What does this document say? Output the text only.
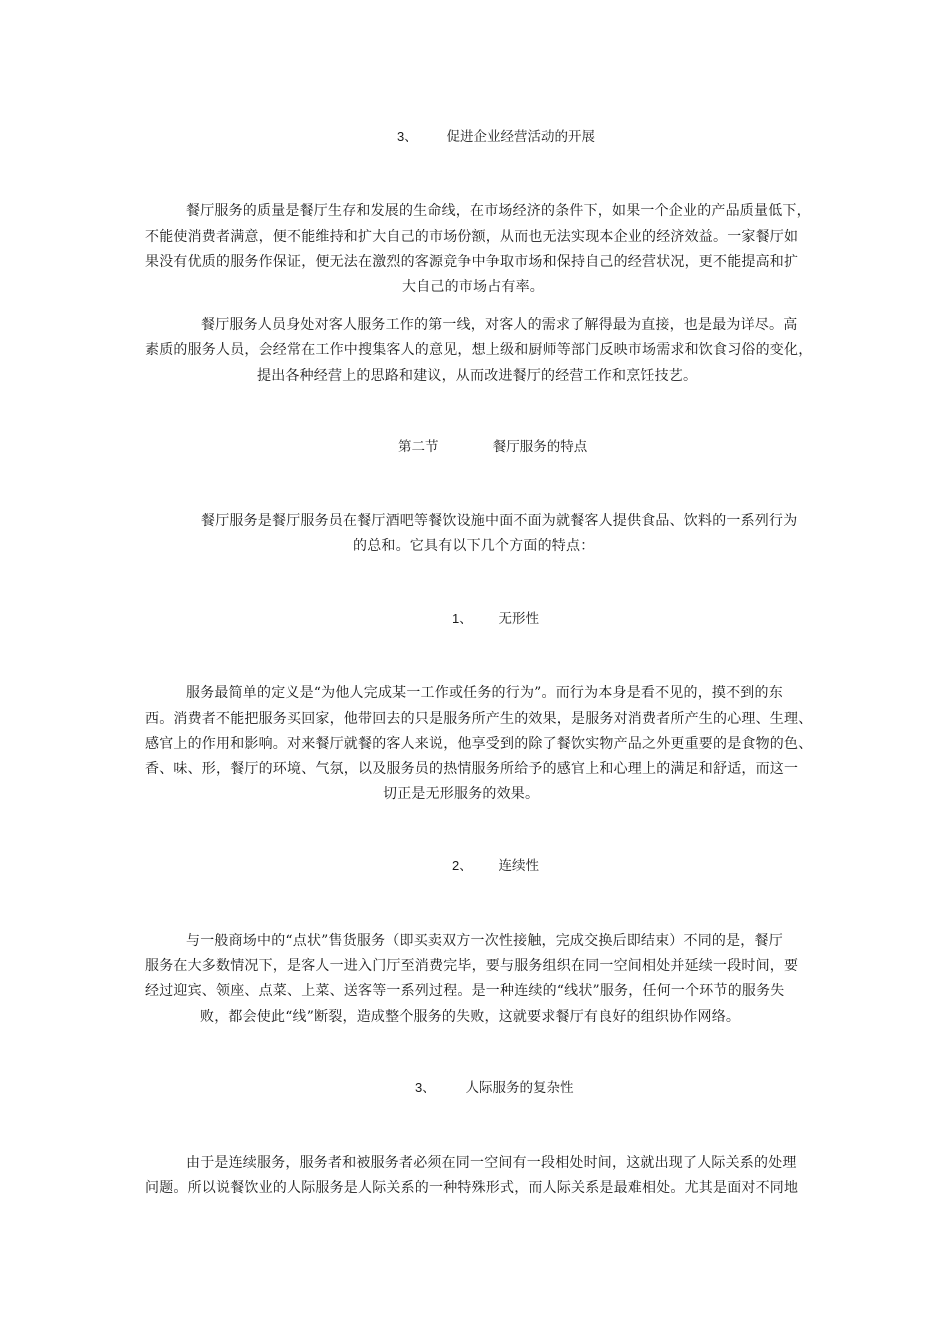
3、 促进企业经营活动的开展
餐厅服务的质量是餐厅生存和发展的生命线，在市场经济的条件下，如果一个企业的产品质量低下，
不能使消费者满意，便不能维持和扩大自己的市场份额，从而也无法实现本企业的经济效益。一家餐厅如
果没有优质的服务作保证，便无法在激烈的客源竞争中争取市场和保持自己的经营状况，更不能提高和扩
大自己的市场占有率。
餐厅服务人员身处对客人服务工作的第一线，对客人的需求了解得最为直接，也是最为详尽。高
素质的服务人员，会经常在工作中搜集客人的意见，想上级和厨师等部门反映市场需求和饮食习俗的变化，
提出各种经营上的思路和建议，从而改进餐厅的经营工作和烹饪技艺。
第二节	餐厅服务的特点
餐厅服务是餐厅服务员在餐厅酒吧等餐饮设施中面不面为就餐客人提供食品、饮料的一系列行为
的总和。它具有以下几个方面的特点：
1、 无形性
服务最简单的定义是“为他人完成某一工作或任务的行为”。而行为本身是看不见的，摸不到的东
西。消费者不能把服务买回家，他带回去的只是服务所产生的效果，是服务对消费者所产生的心理、生理、
感官上的作用和影响。对来餐厅就餐的客人来说，他享受到的除了餐饮实物产品之外更重要的是食物的色、
香、味、形，餐厅的环境、气氛，以及服务员的热情服务所给予的感官上和心理上的满足和舒适，而这一
切正是无形服务的效果。
2、 连续性
与一般商场中的“点状”售货服务（即买卖双方一次性接触，完成交换后即结束）不同的是，餐厅
服务在大多数情况下，是客人一进入门厅至消费完毕，要与服务组织在同一空间相处并延续一段时间，要
经过迎宾、领座、点菜、上菜、送客等一系列过程。是一种连续的“线状”服务，任何一个环节的服务失
败，都会使此“线”断裂，造成整个服务的失败，这就要求餐厅有良好的组织协作网络。
3、 人际服务的复杂性
由于是连续服务，服务者和被服务者必须在同一空间有一段相处时间，这就出现了人际关系的处理
问题。所以说餐饮业的人际服务是人际关系的一种特殊形式，而人际关系是最难相处。尤其是面对不同地
